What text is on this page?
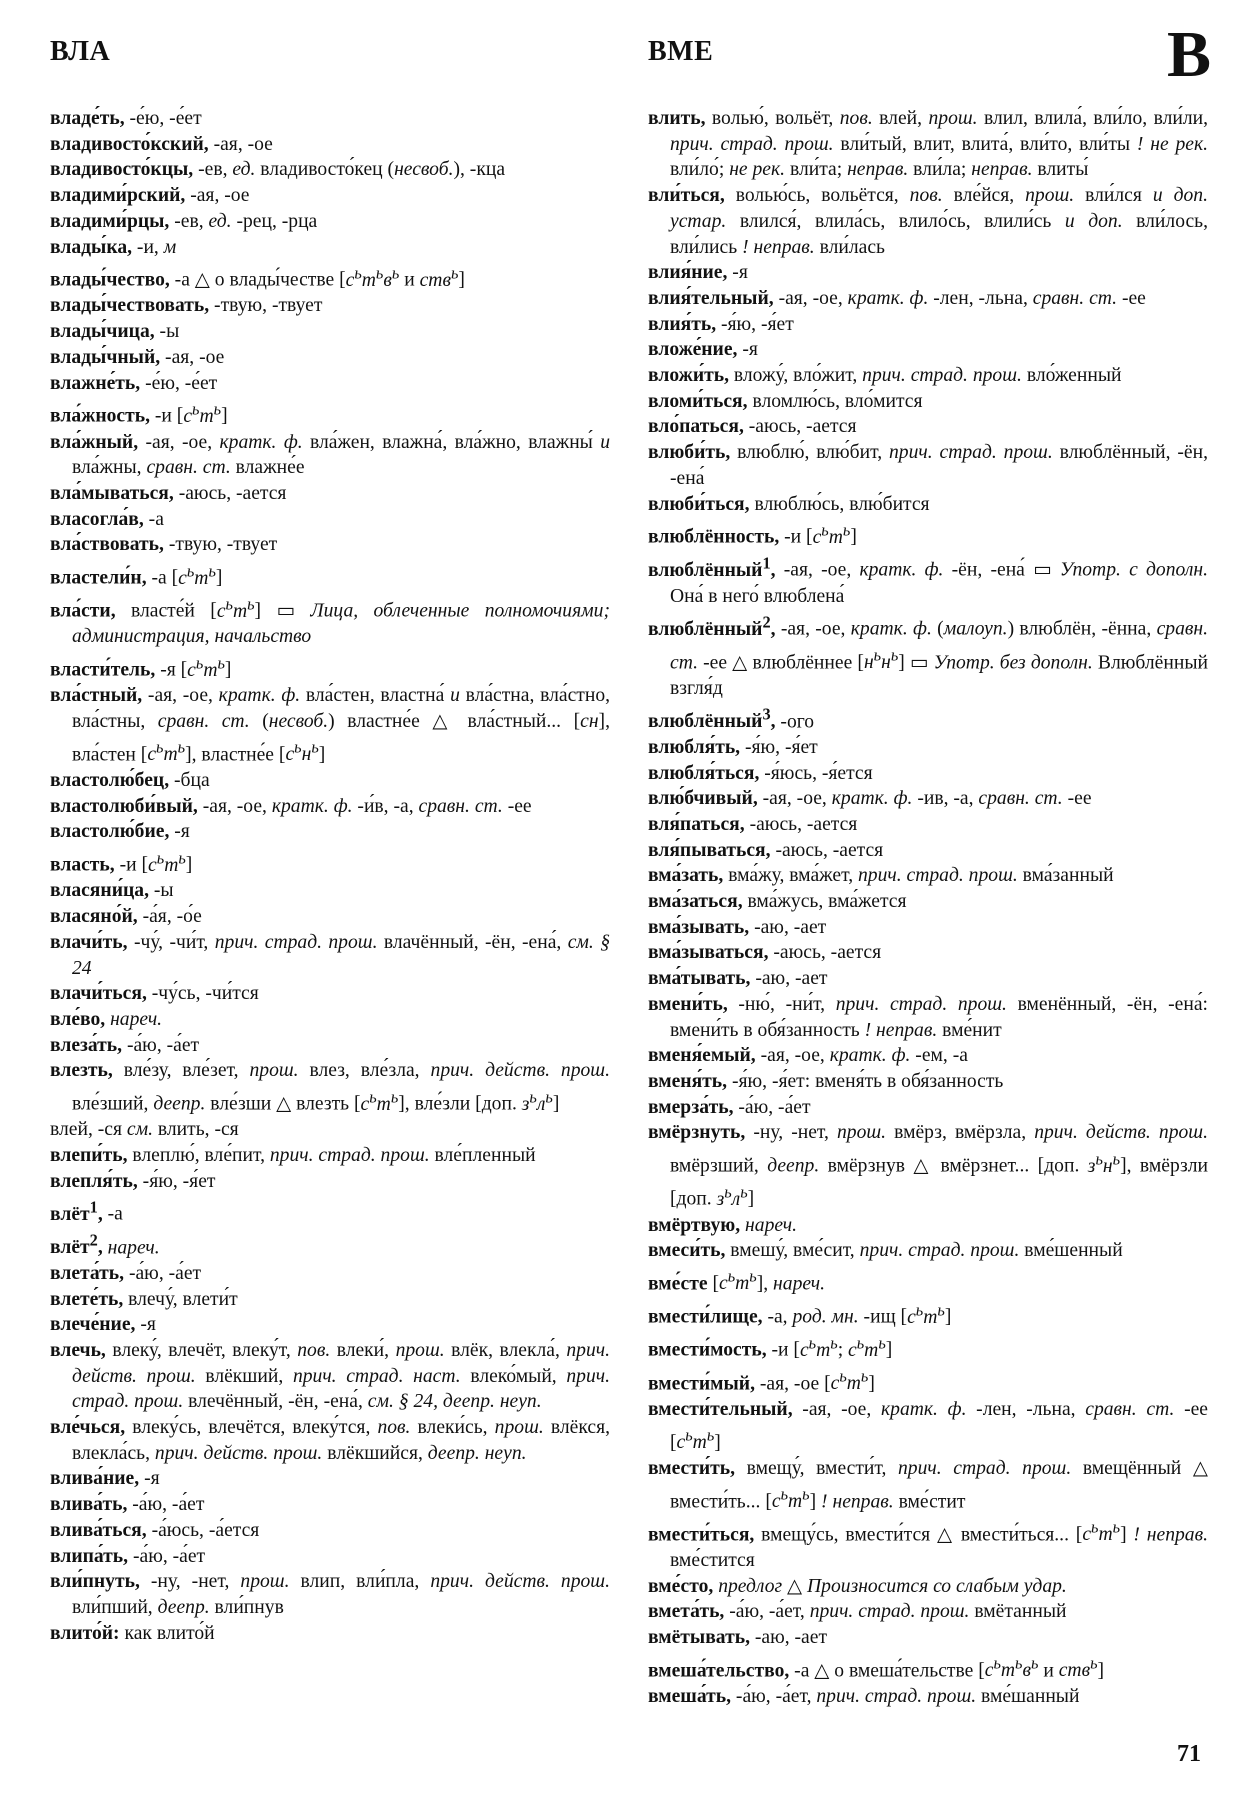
ВЛА	ВМЕ	В

владе́ть, -е́ю, -е́ет

владивосто́кский, -ая, -ое

владивосто́кцы, -ев, ед. владивосто́кец (несвоб.), -кца

владими́рский, -ая, -ое

владими́рцы, -ев, ед. -рец, -рца

влады́ка, -и, м

влады́чество, -а △ о влады́честве [$с^ьт^ьв^ь$ и ств$^ь$]

влады́чествовать, -твую, -твует

влады́чица, -ы

влады́чный, -ая, -ое

влажне́ть, -е́ю, -е́ет

вла́жность, -и $[с^ьт^ь]$

вла́жный, -ая, -ое, кратк. ф. вла́жен, влажна́, вла́жно, влажны́ и вла́жны, сравн. ст. влажне́е

вла́мываться, -аюсь, -ается

власогла́в, -а

вла́ствовать, -твую, -твует

властели́н, -а $[с^ьт^ь]$

вла́сти, власте́й $[с^ьт^ь]$ ▭ Лица, облеченные полномочиями; администрация, начальство

власти́тель, -я $[с^ьт^ь]$

вла́стный, -ая, -ое, кратк. ф. вла́стен, властна́ и вла́стна, вла́стно, вла́стны, сравн. ст. (несвоб.) властне́е △ вла́стный... [сн], вла́стен $[с^ьт^ь]$, властне́е $[с^ьн^ь]$

властолю́бец, -бца

властолюби́вый, -ая, -ое, кратк. ф. -и́в, -а, сравн. ст. -ее

властолю́бие, -я

власть, -и $[с^ьт^ь]$

власяни́ца, -ы

власяно́й, -а́я, -о́е

влачи́ть, -чу́, -чи́т, прич. страд. прош. влачённый, -ён, -ена́, см. § 24

влачи́ться, -чу́сь, -чи́тся

вле́во, нареч.

влеза́ть, -а́ю, -а́ет

влезть, вле́зу, вле́зет, прош. влез, вле́зла, прич. действ. прош. вле́зший, деепр. вле́зши △ влезть $[с^ьт^ь]$, вле́зли [доп. $з^ьл^ь$]

влей, -ся см. влить, -ся

влепи́ть, влеплю́, вле́пит, прич. страд. прош. вле́пленный

влепля́ть, -я́ю, -я́ет

влёт$^1$, -а

влёт$^2$, нареч.

влета́ть, -а́ю, -а́ет

влете́ть, влечу́, влети́т

влече́ние, -я

влечь, влеку́, влечёт, влеку́т, пов. влеки́, прош. влёк, влекла́, прич. действ. прош. влёкший, прич. страд. наст. влеко́мый, прич. страд. прош. влечённый, -ён, -ена́, см. § 24, деепр. неуп.

вле́чься, влеку́сь, влечётся, влеку́тся, пов. влеки́сь, прош. влёкся, влекла́сь, прич. действ. прош. влёкшийся, деепр. неуп.

влива́ние, -я

влива́ть, -а́ю, -а́ет

влива́ться, -а́юсь, -а́ется

влипа́ть, -а́ю, -а́ет

вли́пнуть, -ну, -нет, прош. влип, вли́пла, прич. действ. прош. вли́пший, деепр. вли́пнув

влито́й: как влито́й

влить, волью́, вольёт, пов. влей, прош. влил, влила́, вли́ло, вли́ли, прич. страд. прош. вли́тый, влит, влита́, вли́то, вли́ты ! не рек. вли́ло́; не рек. вли́та; неправ. вли́ла; неправ. влиты́

вли́ться, волью́сь, вольётся, пов. вле́йся, прош. вли́лся и доп. устар. влился́, влила́сь, влило́сь, влили́сь и доп. вли́лось, вли́лись ! неправ. вли́лась

влия́ние, -я

влия́тельный, -ая, -ое, кратк. ф. -лен, -льна, сравн. ст. -ее

влия́ть, -я́ю, -я́ет

вложе́ние, -я

вложи́ть, вложу́, вло́жит, прич. страд. прош. вло́женный

вломи́ться, вломлю́сь, вло́мится

вло́паться, -аюсь, -ается

влюби́ть, влюблю́, влю́бит, прич. страд. прош. влюблённый, -ён, -ена́

влюби́ться, влюблю́сь, влю́бится

влюблённость, -и $[с^ьт^ь]$

влюблённый$^1$, -ая, -ое, кратк. ф. -ён, -ена́ ▭ Употр. с дополн. Она́ в него́ влюблена́

влюблённый$^2$, -ая, -ое, кратк. ф. (малоуп.) влюблён, -ённа, сравн. ст. -ее △ влюблённее $[н^ьн^ь]$ ▭ Употр. без дополн. Влюблённый взгля́д

влюблённый$^3$, -ого

влюбля́ть, -я́ю, -я́ет

влюбля́ться, -я́юсь, -я́ется

влю́бчивый, -ая, -ое, кратк. ф. -ив, -а, сравн. ст. -ее

вля́паться, -аюсь, -ается

вля́пываться, -аюсь, -ается

вма́зать, вма́жу, вма́жет, прич. страд. прош. вма́занный

вма́заться, вма́жусь, вма́жется

вма́зывать, -аю, -ает

вма́зываться, -аюсь, -ается

вма́тывать, -аю, -ает

вмени́ть, -ню́, -ни́т, прич. страд. прош. вменённый, -ён, -ена́: вмени́ть в обя́занность ! неправ. вме́нит

вменя́емый, -ая, -ое, кратк. ф. -ем, -а

вменя́ть, -я́ю, -я́ет: вменя́ть в обя́занность

вмерза́ть, -а́ю, -а́ет

вмёрзнуть, -ну, -нет, прош. вмёрз, вмёрзла, прич. действ. прош. вмёрзший, деепр. вмёрзнув △ вмёрзнет... [доп. $з^ьн^ь$], вмёрзли [доп. $з^ьл^ь$]

вмёртвую, нареч.

вмеси́ть, вмешу́, вме́сит, прич. страд. прош. вме́шенный

вме́сте $[с^ьт^ь]$, нареч.

вмести́лище, -а, род. мн. -ищ $[с^ьт^ь]$

вмести́мость, -и [$с^ьт^ь$; $с^ьт^ь$]

вмести́мый, -ая, -ое $[с^ьт^ь]$

вмести́тельный, -ая, -ое, кратк. ф. -лен, -льна, сравн. ст. -ее $[с^ьт^ь]$

вмести́ть, вмещу́, вмести́т, прич. страд. прош. вмещённый △ вмести́ть... $[с^ьт^ь]$ ! неправ. вме́стит

вмести́ться, вмещу́сь, вмести́тся △ вмести́ться... $[с^ьт^ь]$ ! неправ. вме́стится

вме́сто, предлог △ Произносится со слабым удар.

вмета́ть, -а́ю, -а́ет, прич. страд. прош. вмётанный

вмётывать, -аю, -ает

вмеша́тельство, -а △ о вмеша́тельстве [$с^ьт^ьв^ь$ и ств$^ь$]

вмеша́ть, -а́ю, -а́ет, прич. страд. прош. вме́шанный

71
